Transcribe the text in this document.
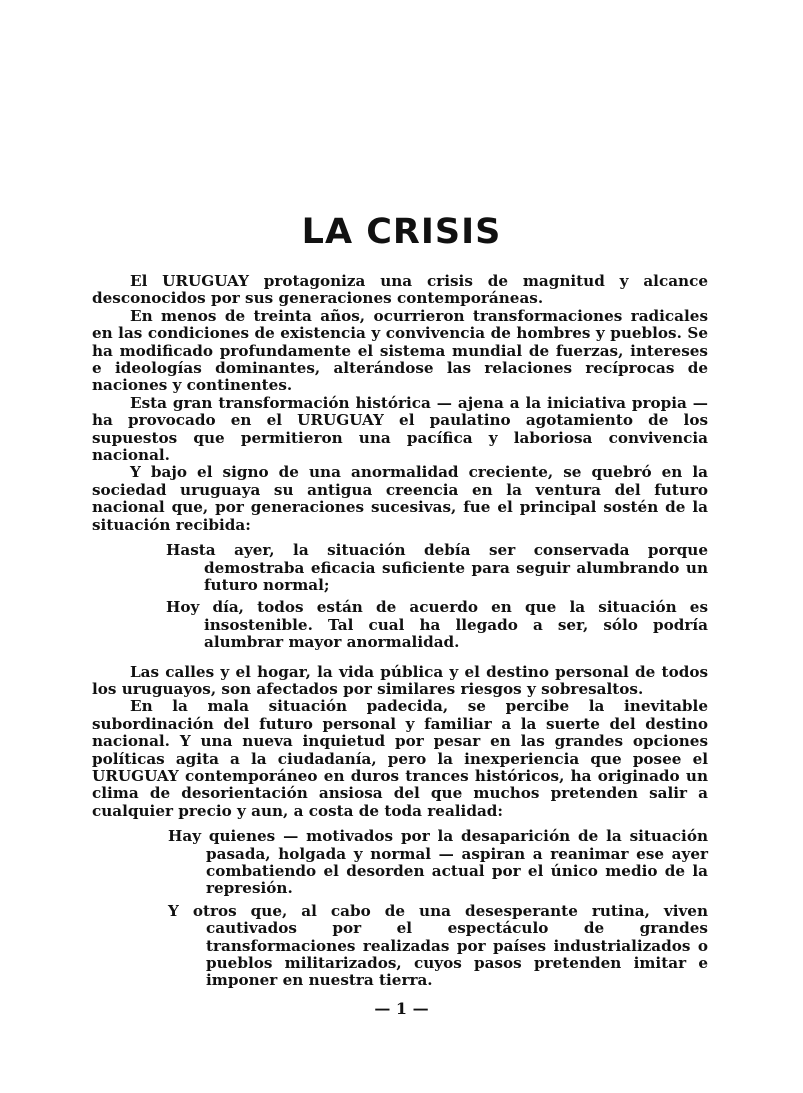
LA CRISIS

El URUGUAY protagoniza una crisis de magnitud y alcance desconocidos por sus generaciones contemporáneas.

En menos de treinta años, ocurrieron transformaciones radicales en las condiciones de existencia y convivencia de hombres y pueblos. Se ha modificado profundamente el sistema mundial de fuerzas, intereses e ideologías dominantes, alterándose las relaciones recíprocas de naciones y continentes.

Esta gran transformación histórica — ajena a la iniciativa propia — ha provocado en el URUGUAY el paulatino agotamiento de los supuestos que permitieron una pacífica y laboriosa convivencia nacional.

Y bajo el signo de una anormalidad creciente, se quebró en la sociedad uruguaya su antigua creencia en la ventura del futuro nacional que, por generaciones sucesivas, fue el principal sostén de la situación recibida:

Hasta ayer, la situación debía ser conservada porque demostraba eficacia suficiente para seguir alumbrando un futuro normal;
Hoy día, todos están de acuerdo en que la situación es insostenible. Tal cual ha llegado a ser, sólo podría alumbrar mayor anormalidad.

Las calles y el hogar, la vida pública y el destino personal de todos los uruguayos, son afectados por similares riesgos y sobresaltos.

En la mala situación padecida, se percibe la inevitable subordinación del futuro personal y familiar a la suerte del destino nacional. Y una nueva inquietud por pesar en las grandes opciones políticas agita a la ciudadanía, pero la inexperiencia que posee el URUGUAY contemporáneo en duros trances históricos, ha originado un clima de desorientación ansiosa del que muchos pretenden salir a cualquier precio y aun, a costa de toda realidad:

Hay quienes — motivados por la desaparición de la situación pasada, holgada y normal — aspiran a reanimar ese ayer combatiendo el desorden actual por el único medio de la represión.
Y otros que, al cabo de una desesperante rutina, viven cautivados por el espectáculo de grandes transformaciones realizadas por países industrializados o pueblos militarizados, cuyos pasos pretenden imitar e imponer en nuestra tierra.
— 1 —
